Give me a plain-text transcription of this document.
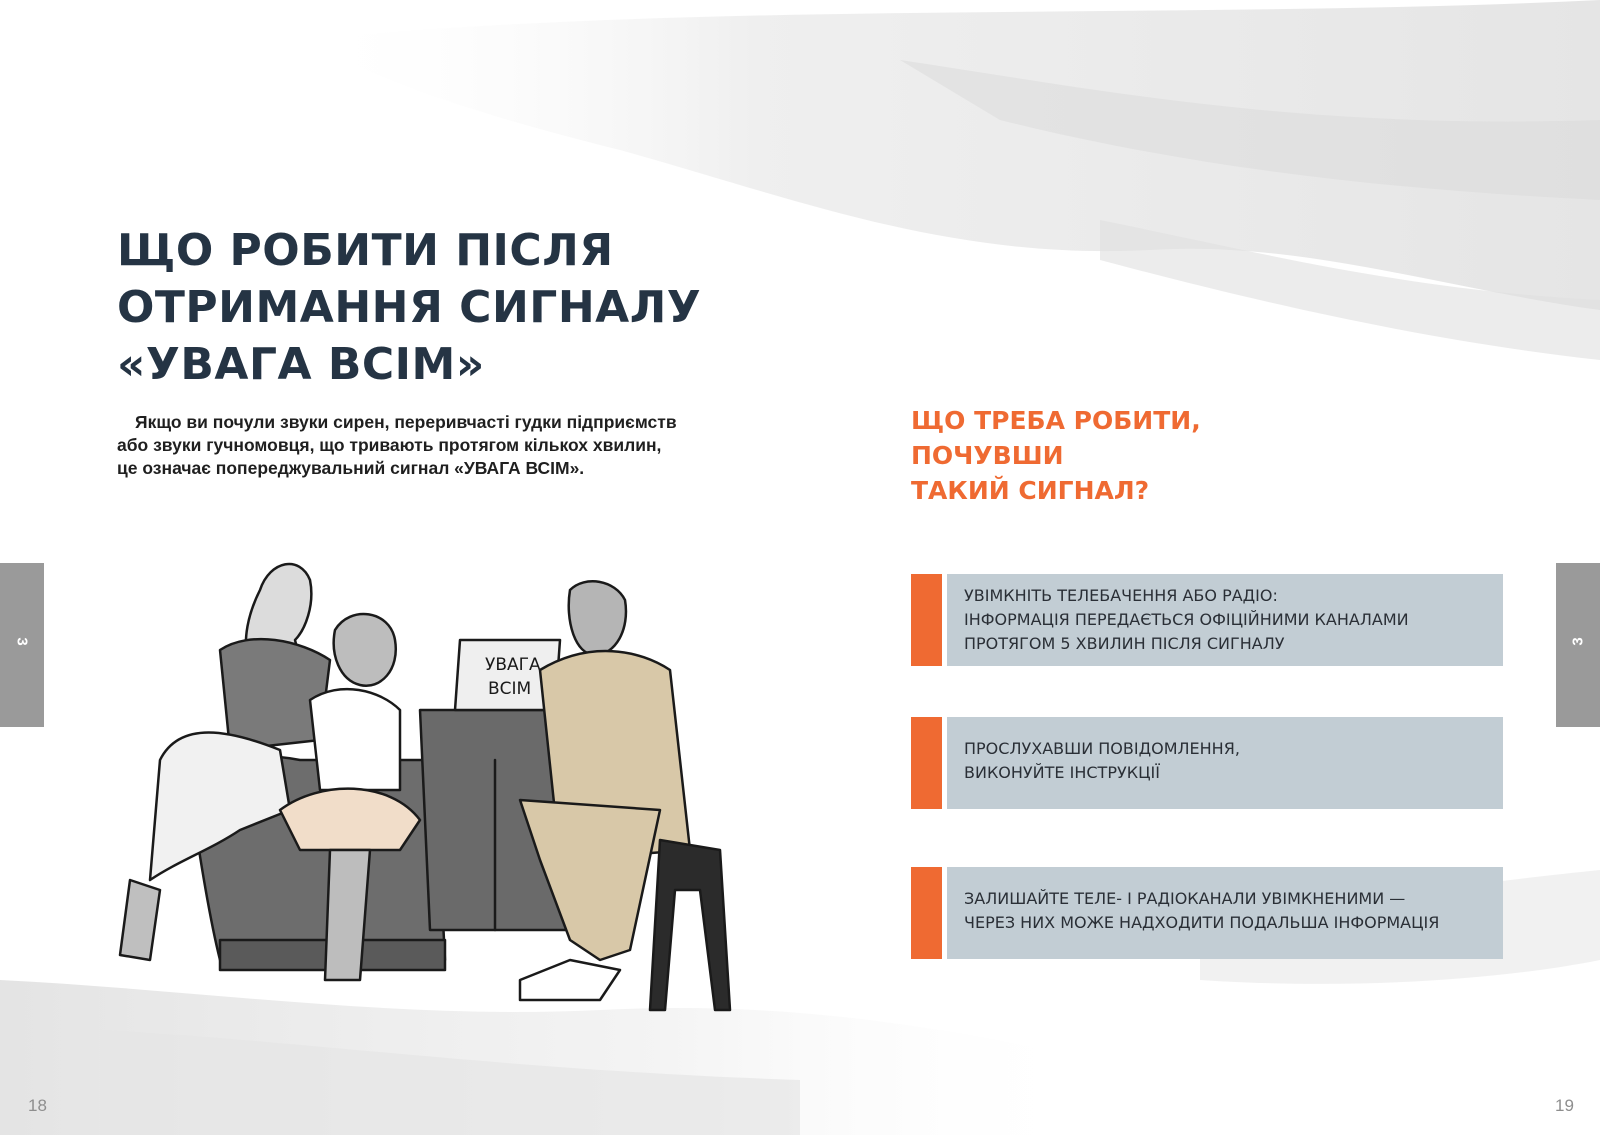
ЩО РОБИТИ ПІСЛЯ
ОТРИМАННЯ СИГНАЛУ
«УВАГА ВСІМ»
Якщо ви почули звуки сирен, переривчасті гудки підприємств
або звуки гучномовця, що тривають протягом кількох хвилин,
це означає попереджувальний сигнал «УВАГА ВСІМ».
УВАГА
ВСІМ
ЩО ТРЕБА РОБИТИ,
ПОЧУВШИ
ТАКИЙ СИГНАЛ?
УВІМКНІТЬ ТЕЛЕБАЧЕННЯ АБО РАДІО:
ІНФОРМАЦІЯ ПЕРЕДАЄТЬСЯ ОФІЦІЙНИМИ КАНАЛАМИ
ПРОТЯГОМ 5 ХВИЛИН ПІСЛЯ СИГНАЛУ
ПРОСЛУХАВШИ ПОВІДОМЛЕННЯ,
ВИКОНУЙТЕ ІНСТРУКЦІЇ
ЗАЛИШАЙТЕ ТЕЛЕ- І РАДІОКАНАЛИ УВІМКНЕНИМИ —
ЧЕРЕЗ НИХ МОЖЕ НАДХОДИТИ ПОДАЛЬША ІНФОРМАЦІЯ
3	3
18	19
